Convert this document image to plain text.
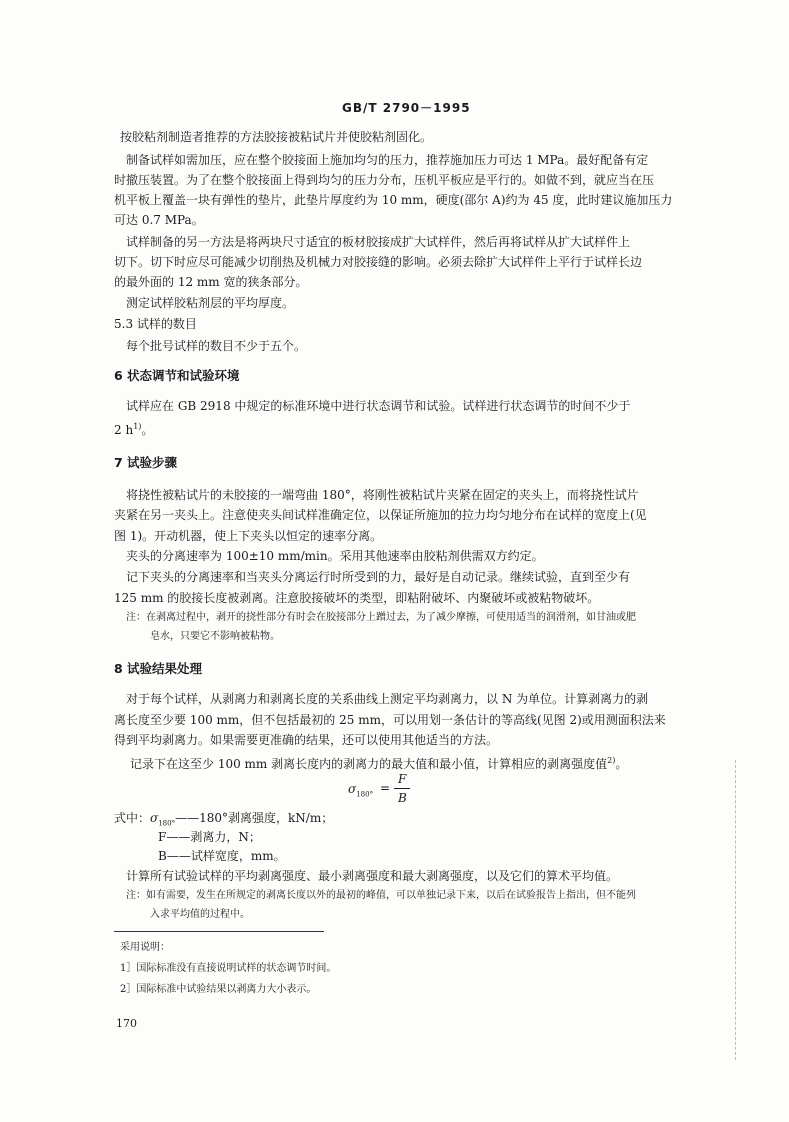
GB/T 2790－1995
按胶粘剂制造者推荐的方法胶接被粘试片并使胶粘剂固化。
制备试样如需加压，应在整个胶接面上施加均匀的压力，推荐施加压力可达 1 MPa。最好配备有定
时撤压装置。为了在整个胶接面上得到均匀的压力分布，压机平板应是平行的。如做不到，就应当在压
机平板上覆盖一块有弹性的垫片，此垫片厚度约为 10 mm，硬度(邵尔 A)约为 45 度，此时建议施加压力
可达 0.7 MPa。
试样制备的另一方法是将两块尺寸适宜的板材胶接成扩大试样件，然后再将试样从扩大试样件上
切下。切下时应尽可能减少切削热及机械力对胶接缝的影响。必须去除扩大试样件上平行于试样长边
的最外面的 12 mm 宽的狭条部分。
测定试样胶粘剂层的平均厚度。
5.3 试样的数目
每个批号试样的数目不少于五个。
6 状态调节和试验环境
试样应在 GB 2918 中规定的标准环境中进行状态调节和试验。试样进行状态调节的时间不少于
2 $h^{1)}$。
7 试验步骤
将挠性被粘试片的未胶接的一端弯曲 180°，将刚性被粘试片夹紧在固定的夹头上，而将挠性试片
夹紧在另一夹头上。注意使夹头间试样准确定位，以保证所施加的拉力均匀地分布在试样的宽度上(见
图 1)。开动机器，使上下夹头以恒定的速率分离。
夹头的分离速率为 100±10 mm/min。采用其他速率由胶粘剂供需双方约定。
记下夹头的分离速率和当夹头分离运行时所受到的力，最好是自动记录。继续试验，直到至少有
125 mm 的胶接长度被剥离。注意胶接破坏的类型，即粘附破坏、内聚破坏或被粘物破坏。
注：在剥离过程中，剥开的挠性部分有时会在胶接部分上蹭过去，为了减少摩擦，可使用适当的润滑剂，如甘油或肥
皂水，只要它不影响被粘物。
8 试验结果处理
对于每个试样，从剥离力和剥离长度的关系曲线上测定平均剥离力，以 N 为单位。计算剥离力的剥
离长度至少要 100 mm，但不包括最初的 25 mm，可以用划一条估计的等高线(见图 2)或用测面积法来
得到平均剥离力。如果需要更准确的结果，还可以使用其他适当的方法。
记录下在这至少 100 mm 剥离长度内的剥离力的最大值和最小值，计算相应的剥离强度值$^{2)}$。
$\sigma_{180^\circ}$ =
F
B
式中：$\sigma_{180^\circ}——180^\circ$剥离强度，kN/m；
F——剥离力，N；
B——试样宽度，mm。
计算所有试验试样的平均剥离强度、最小剥离强度和最大剥离强度，以及它们的算术平均值。
注：如有需要，发生在所规定的剥离长度以外的最初的峰值，可以单独记录下来，以后在试验报告上指出，但不能列
入求平均值的过程中。
采用说明：
1］国际标准没有直接说明试样的状态调节时间。
2］国际标准中试验结果以剥离力大小表示。
170
